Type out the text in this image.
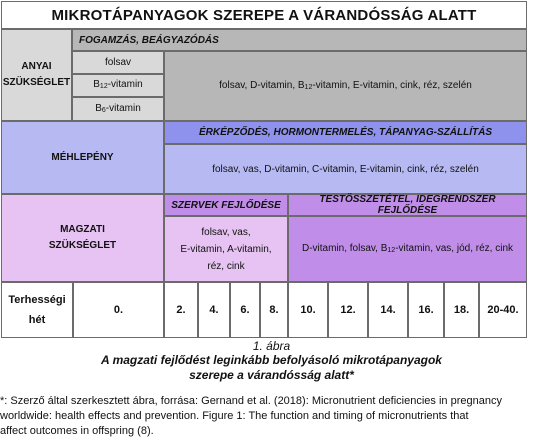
MIKROTÁPANYAGOK SZEREPE A VÁRANDÓSSÁG ALATT
ANYAI
SZÜKSÉGLET
FOGAMZÁS, BEÁGYAZÓDÁS
folsav
$B_{12}$-vitamin
$B_6$-vitamin
folsav, D-vitamin, $B_{12}$-vitamin, E-vitamin, cink, réz, szelén
MÉHLEPÉNY
ÉRKÉPZŐDÉS, HORMONTERMELÉS, TÁPANYAG-SZÁLLÍTÁS
folsav, vas, D-vitamin, C-vitamin, E-vitamin, cink, réz, szelén
MAGZATI
SZÜKSÉGLET
SZERVEK FEJLŐDÉSE
folsav, vas,
E-vitamin, A-vitamin,
réz, cink
TESTÖSSZETÉTEL, IDEGRENDSZER FEJLŐDÉSE
D-vitamin, folsav, $B_{12}$-vitamin, vas, jód, réz, cink
Terhességi
hét
0.	2. 4. 6. 8. 10. 12. 14. 16. 18. 20-40.
1. ábra
A magzati fejlődést leginkább befolyásoló mikrotápanyagok
szerepe a várandósság alatt*
*: Szerző által szerkesztett ábra, forrása: Gernand et al. (2018): Micronutrient deficiencies in pregnancy
worldwide: health effects and prevention. Figure 1: The function and timing of micronutrients that
affect outcomes in offspring (8).
